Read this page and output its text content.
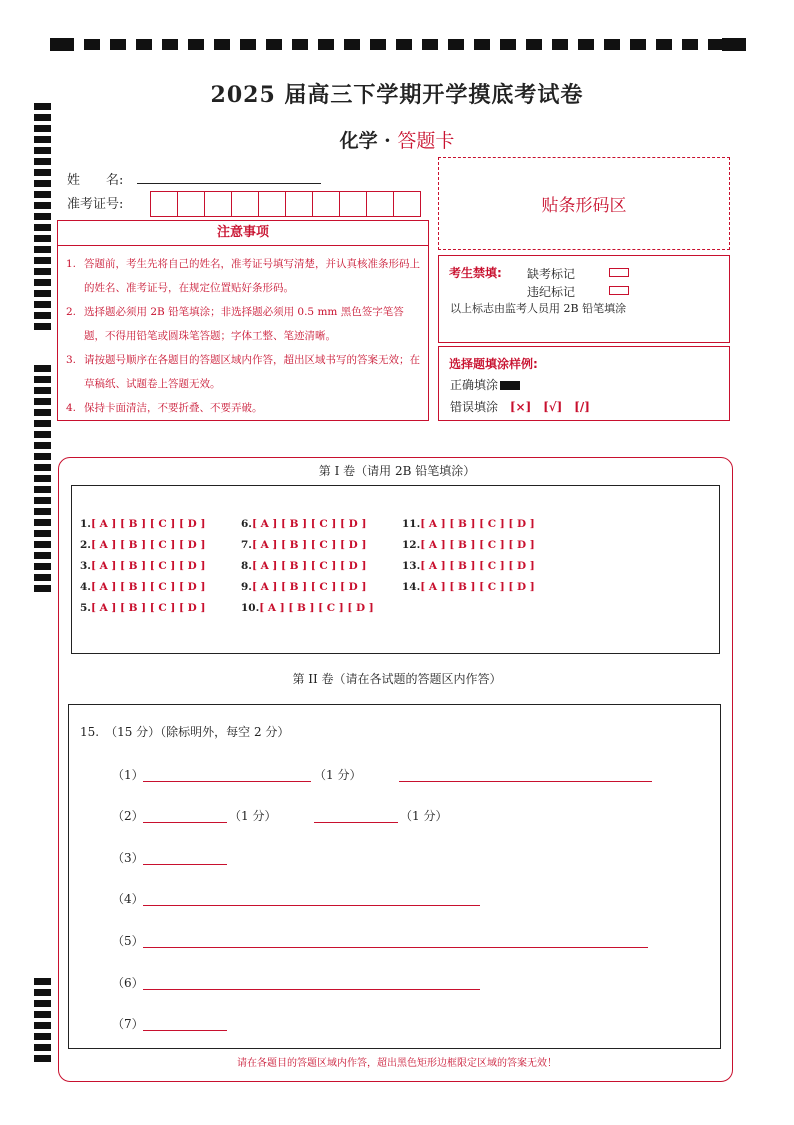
2025 届高三下学期开学摸底考试卷
化学 · 答题卡
姓　　名:
准考证号:	贴条形码区
注意事项
1. 答题前，考生先将自己的姓名，准考证号填写清楚，并认真核准条形码上的姓名、准考证号，在规定位置贴好条形码。
2. 选择题必须用 2B 铅笔填涂；非选择题必须用 0.5 mm 黑色签字笔答题，不得用铅笔或圆珠笔答题；字体工整、笔迹清晰。
3. 请按题号顺序在各题目的答题区域内作答，超出区域书写的答案无效；在草稿纸、试题卷上答题无效。
4. 保持卡面清洁，不要折叠、不要弄破。
考生禁填: 缺考标记
违纪标记
以上标志由监考人员用 2B 铅笔填涂
选择题填涂样例:
正确填涂
错误填涂 [×] [√] [/]
第 I 卷（请用 2B 铅笔填涂）
1.[ A ] [ B ] [ C ] [ D ]
2.[ A ] [ B ] [ C ] [ D ]
3.[ A ] [ B ] [ C ] [ D ]
4.[ A ] [ B ] [ C ] [ D ]
5.[ A ] [ B ] [ C ] [ D ]
6.[ A ] [ B ] [ C ] [ D ]
7.[ A ] [ B ] [ C ] [ D ]
8.[ A ] [ B ] [ C ] [ D ]
9.[ A ] [ B ] [ C ] [ D ]
10.[ A ] [ B ] [ C ] [ D ]
11.[ A ] [ B ] [ C ] [ D ]
12.[ A ] [ B ] [ C ] [ D ]
13.[ A ] [ B ] [ C ] [ D ]
14.[ A ] [ B ] [ C ] [ D ]
第 II 卷（请在各试题的答题区内作答）
15.　（15 分）（除标明外，每空 2 分）
（1）	（1 分）
（2）	（1 分）	（1 分）
（3）
（4）
（5）
（6）
（7）
请在各题目的答题区域内作答，超出黑色矩形边框限定区域的答案无效！
